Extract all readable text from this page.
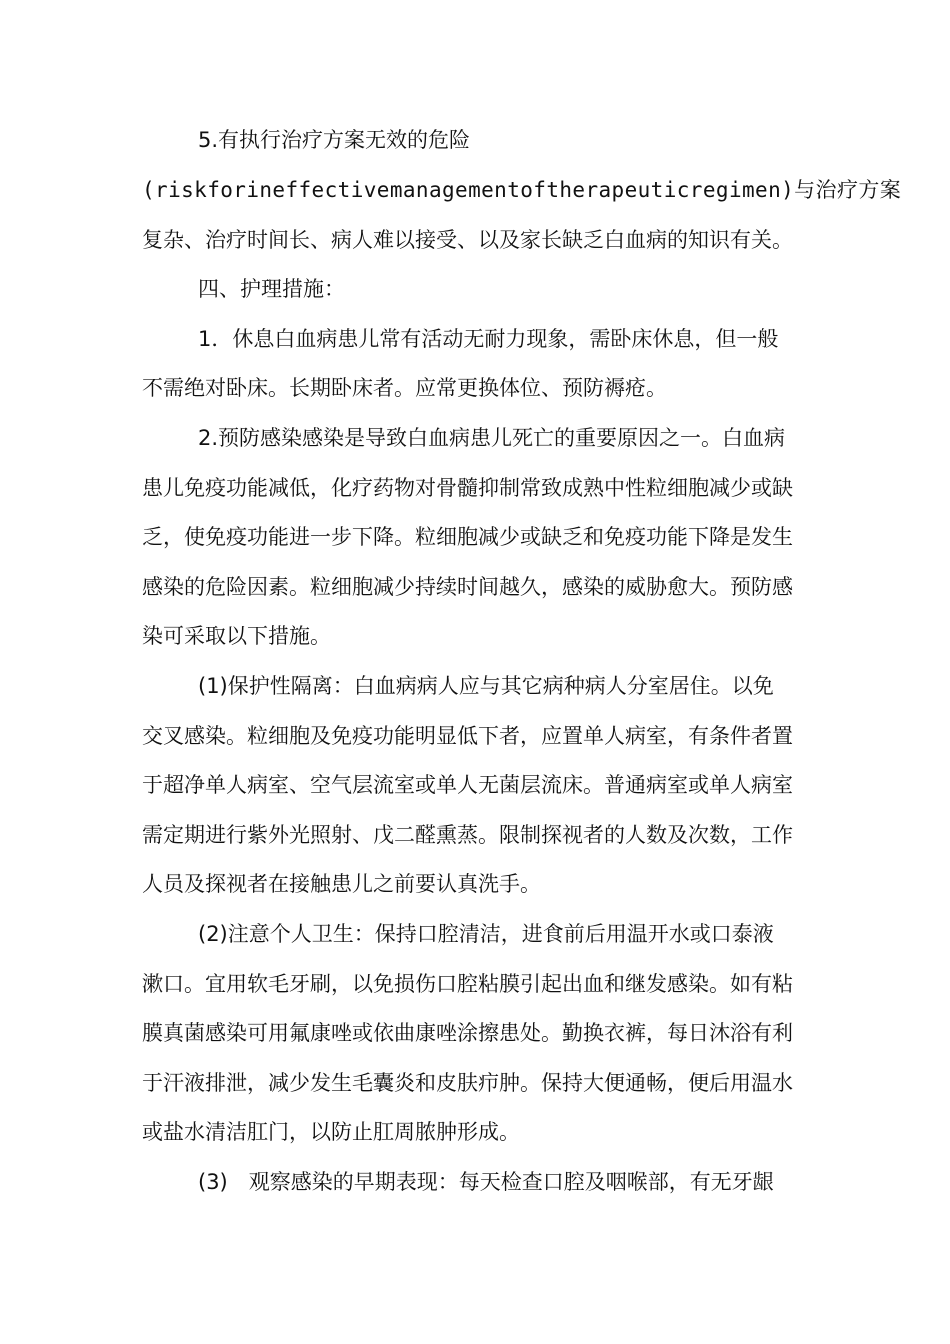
5.有执行治疗方案无效的危险
(riskforineffectivemanagementoftherapeuticregimen)与治疗方案
复杂、治疗时间长、病人难以接受、以及家长缺乏白血病的知识有关。
四、护理措施：
1．休息白血病患儿常有活动无耐力现象，需卧床休息，但一般
不需绝对卧床。长期卧床者。应常更换体位、预防褥疮。
2.预防感染感染是导致白血病患儿死亡的重要原因之一。白血病
患儿免疫功能减低，化疗药物对骨髓抑制常致成熟中性粒细胞减少或缺
乏，使免疫功能进一步下降。粒细胞减少或缺乏和免疫功能下降是发生
感染的危险因素。粒细胞减少持续时间越久，感染的威胁愈大。预防感
染可采取以下措施。
(1)保护性隔离：白血病病人应与其它病种病人分室居住。以免
交叉感染。粒细胞及免疫功能明显低下者，应置单人病室，有条件者置
于超净单人病室、空气层流室或单人无菌层流床。普通病室或单人病室
需定期进行紫外光照射、戊二醛熏蒸。限制探视者的人数及次数，工作
人员及探视者在接触患儿之前要认真洗手。
(2)注意个人卫生：保持口腔清洁，进食前后用温开水或口泰液
漱口。宜用软毛牙刷，以免损伤口腔粘膜引起出血和继发感染。如有粘
膜真菌感染可用氟康唑或依曲康唑涂擦患处。勤换衣裤，每日沐浴有利
于汗液排泄，减少发生毛囊炎和皮肤疖肿。保持大便通畅，便后用温水
或盐水清洁肛门，以防止肛周脓肿形成。
(3)　观察感染的早期表现：每天检查口腔及咽喉部，有无牙龈
